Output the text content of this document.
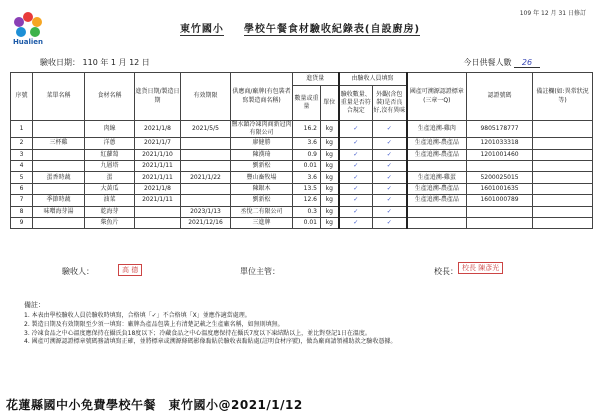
Hualien
109 年 12 月 31 日修訂
東竹國小 　 學校午餐食材驗收紀錄表(自設廚房)
驗收日期： 110 年 1 月 12 日	今日供餐人數 26
序號	菜單名稱	食材名稱	進貨日期/製造日期	有效期限	供應商/廠牌(有包裝者寫製造商名稱)	進貨量		由驗收人員填寫		國產可溯源認證標章(三章一Q)	認證號碼	備註欄(如:異常狀況等)
						數量或重量	單位	驗收數量、重量是否符合規定	外觀(含包裝)是否良好,沒有異味			
1		肉線	2021/1/8	2021/5/5	鹽水鎮冷凍肉商新冠肉有限公司	16.2	kg	✓	✓	生產追溯-雞肉	9805178777	
2	三杯雞	洋蔥	2021/1/7		廖健勝	3.6	kg	✓	✓	生產追溯-農產品	1201033318	
3		紅蘿蔔	2021/1/10		陳漢琦	0.9	kg	✓	✓	生產追溯-農產品	1201001460	
4		九層塔	2021/1/11		劉新松	0.01	kg	✓	✓			
5	蛋香時蔬	蛋	2021/1/11	2021/1/22	豐山畜牧場	3.6	kg	✓	✓	生產追溯-雞蛋	5200025015	
6		大黃瓜	2021/1/8		陳銀木	13.5	kg	✓	✓	生產追溯-農產品	1601001635	
7	季節時蔬	油菜	2021/1/11		劉新松	12.6	kg	✓	✓	生產追溯-農產品	1601000789	
8	味噌海芽湯	乾海芽		2023/1/13	丞悅二有限公司	0.3	kg	✓	✓			
9		柴魚片		2021/12/16	三進牌	0.01	kg	✓	✓			
驗收人：	高 德	單位主管：	校長： 校長 陳彥光
備註：
1. 本表由學校驗收人員於驗收時填寫，合格填「✓」不合格填「X」並應作適當處理。
2. 製造日期及有效期限至少須一填寫：廠牌為產品包裝上有清楚記載之生產廠名稱，如無則填無。
3. 冷凍食品之中心溫度應保持在攝氏負18度以下；冷藏食品之中心溫度應保持在攝氏7度以下凍結點以上，並比對登記1日在溫度。
4. 國產可溯源認證標章號碼務請填寫正確，並將標章或溯源條碼影像黏貼於驗收表黏貼處(註明食材序號)，做為廠商請領補助款之驗收憑據。
花蓮縣國中小免費學校午餐　東竹國小@2021/1/12
